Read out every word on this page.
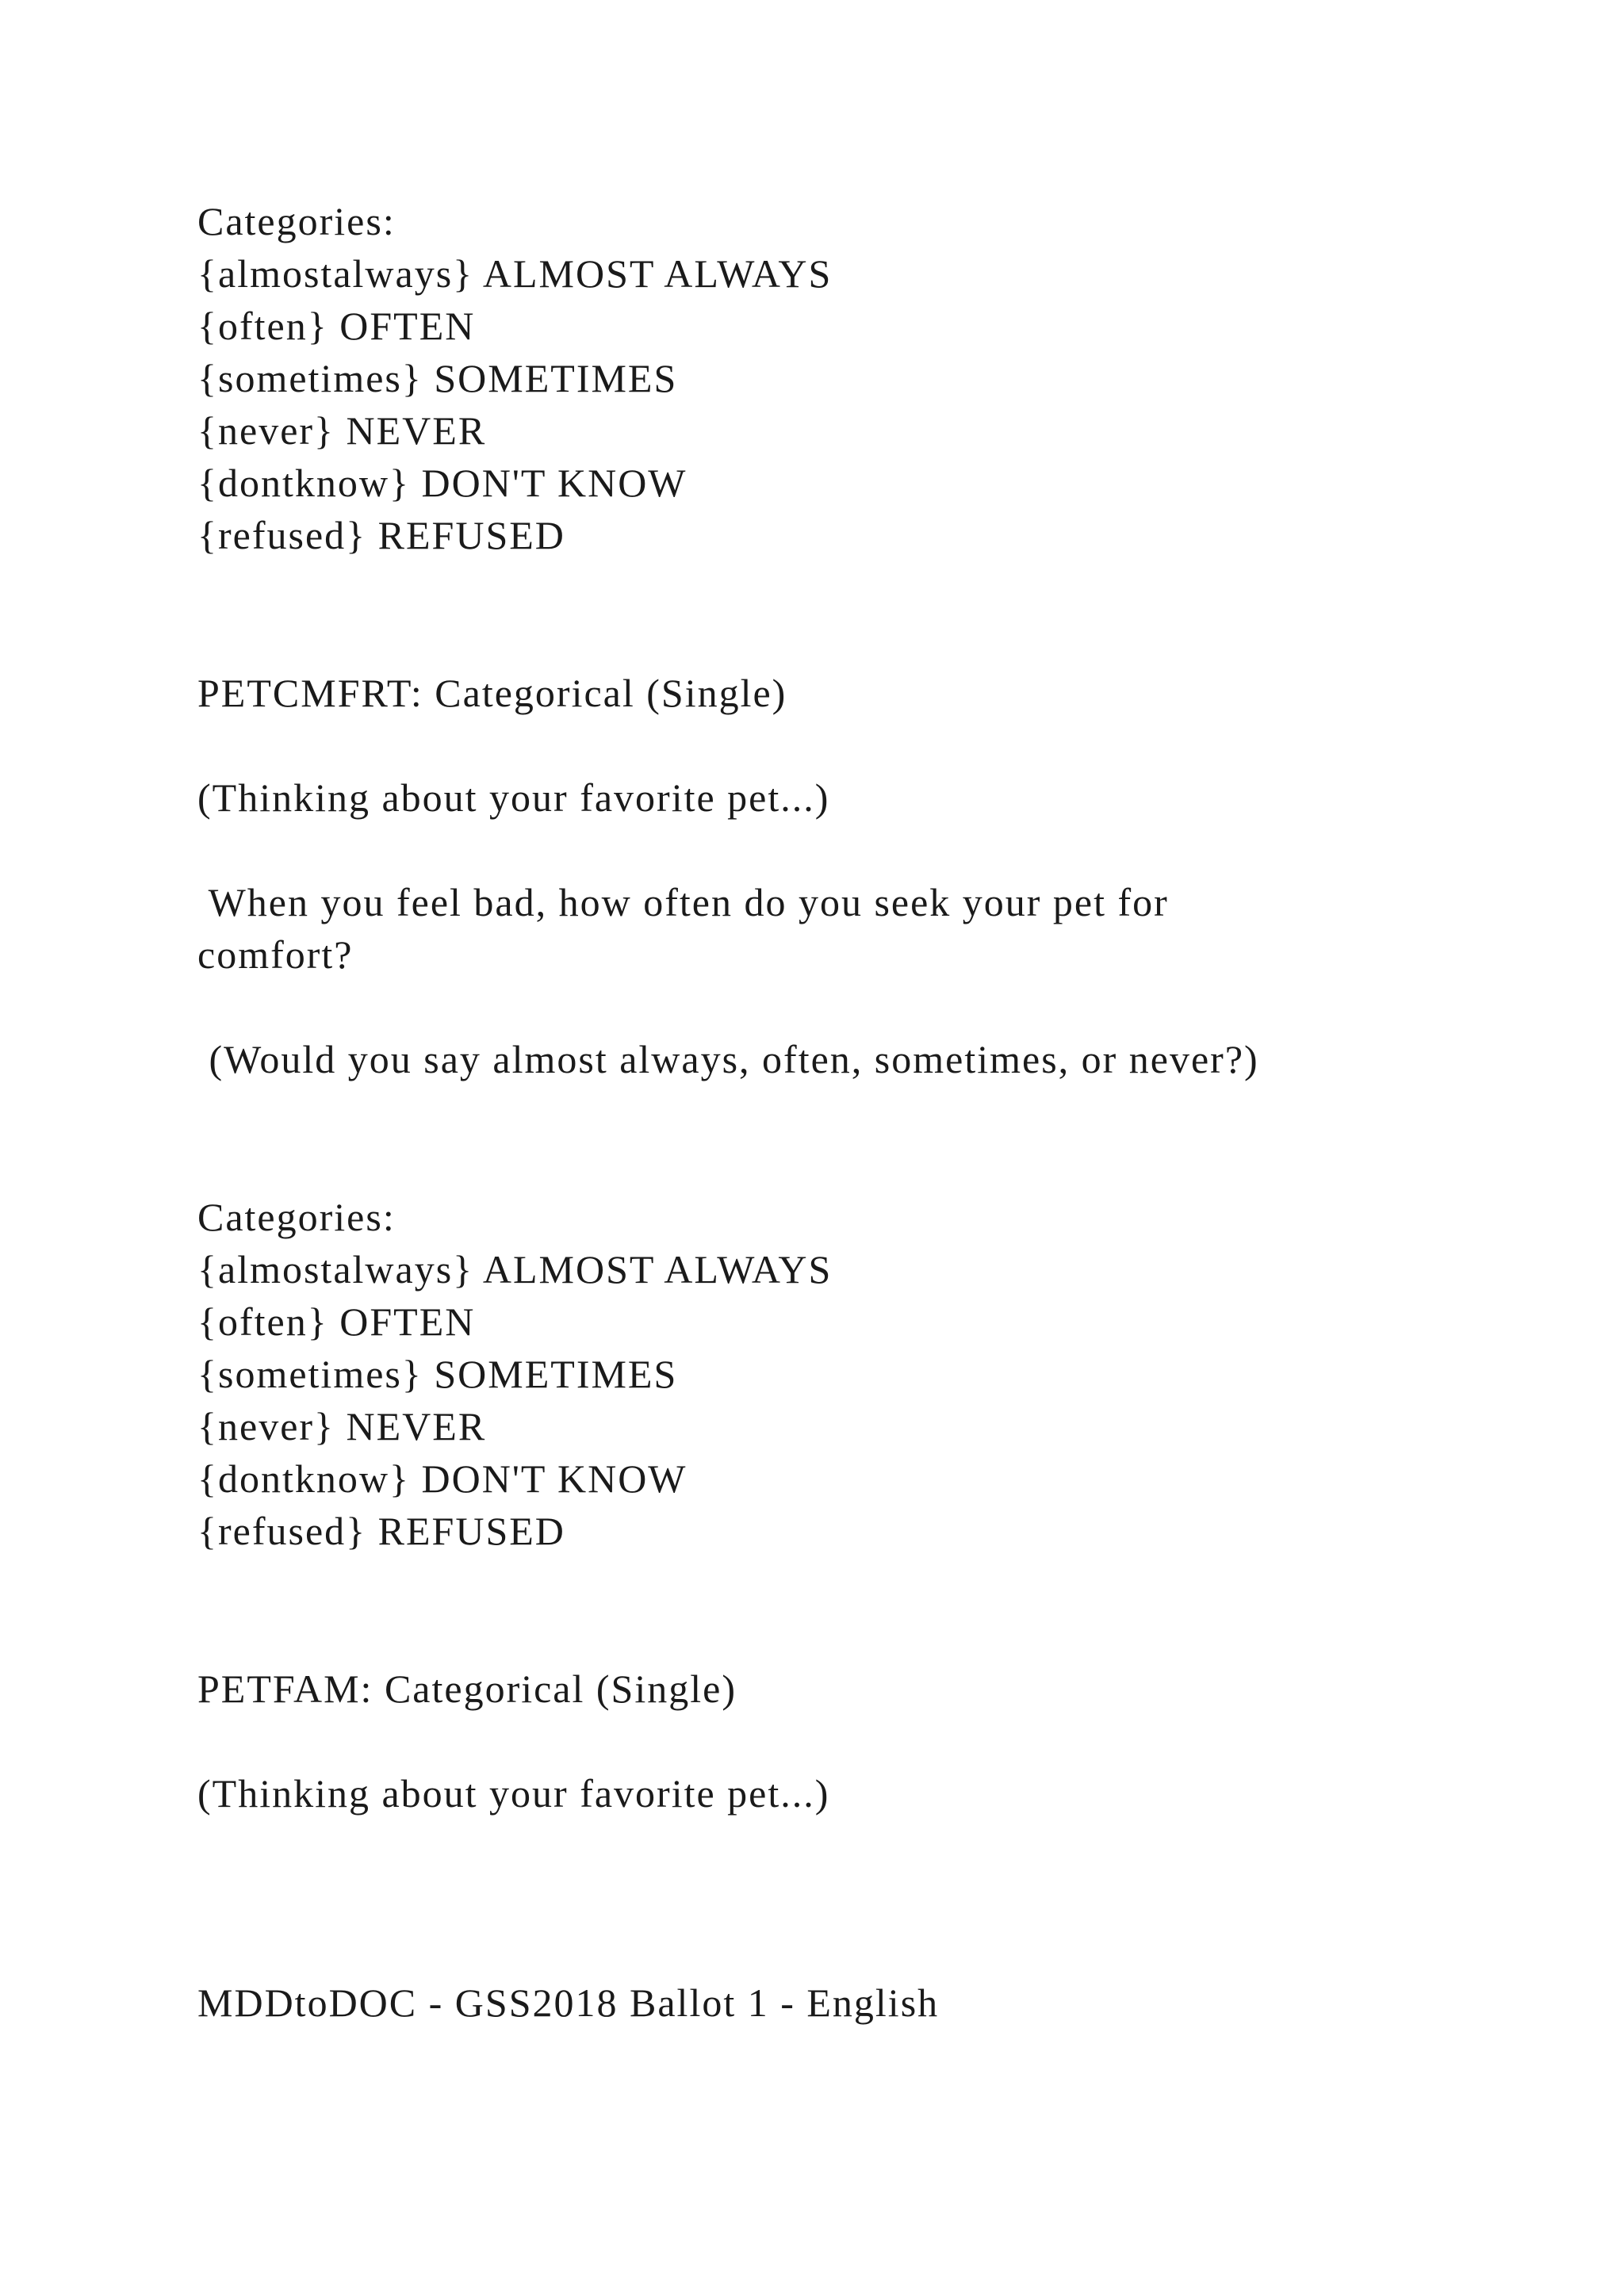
Categories:

{almostalways} ALMOST ALWAYS

{often} OFTEN

{sometimes} SOMETIMES

{never} NEVER

{dontknow} DON'T KNOW

{refused} REFUSED

PETCMFRT: Categorical (Single)

(Thinking about your favorite pet...)

When you feel bad, how often do you seek your pet for

comfort?

(Would you say almost always, often, sometimes, or never?)

Categories:

{almostalways} ALMOST ALWAYS

{often} OFTEN

{sometimes} SOMETIMES

{never} NEVER

{dontknow} DON'T KNOW

{refused} REFUSED

PETFAM: Categorical (Single)

(Thinking about your favorite pet...)

MDDtoDOC - GSS2018 Ballot 1 - English
